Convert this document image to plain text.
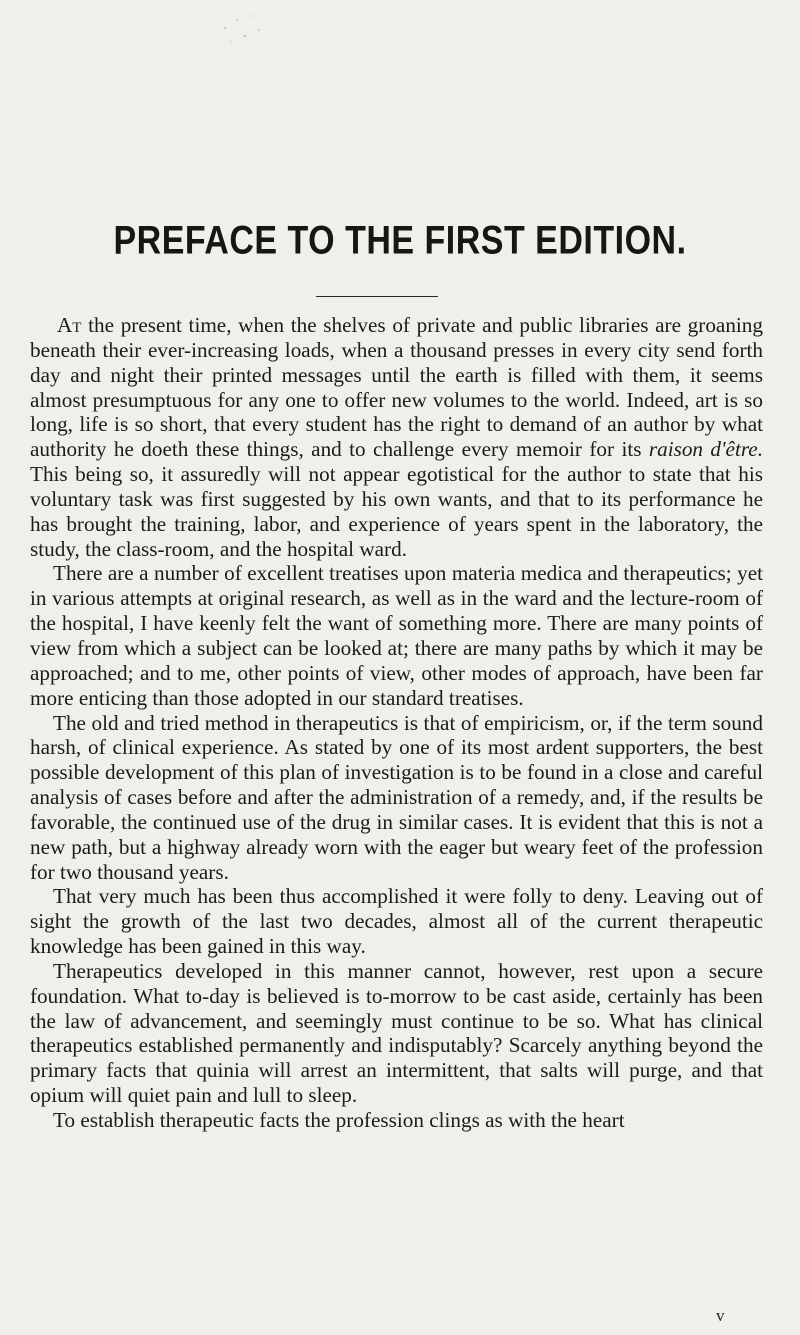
PREFACE TO THE FIRST EDITION.

At the present time, when the shelves of private and public libraries are groaning beneath their ever-increasing loads, when a thousand presses in every city send forth day and night their printed messages until the earth is filled with them, it seems almost presumptuous for any one to offer new volumes to the world. Indeed, art is so long, life is so short, that every student has the right to demand of an author by what authority he doeth these things, and to challenge every memoir for its raison d'être. This being so, it assuredly will not appear egotistical for the author to state that his voluntary task was first suggested by his own wants, and that to its performance he has brought the training, labor, and experience of years spent in the laboratory, the study, the class-room, and the hospital ward.

There are a number of excellent treatises upon materia medica and therapeutics; yet in various attempts at original research, as well as in the ward and the lecture-room of the hospital, I have keenly felt the want of something more. There are many points of view from which a subject can be looked at; there are many paths by which it may be approached; and to me, other points of view, other modes of approach, have been far more enticing than those adopted in our standard treatises.

The old and tried method in therapeutics is that of empiricism, or, if the term sound harsh, of clinical experience. As stated by one of its most ardent supporters, the best possible development of this plan of investigation is to be found in a close and careful analysis of cases before and after the administration of a remedy, and, if the results be favorable, the continued use of the drug in similar cases. It is evident that this is not a new path, but a highway already worn with the eager but weary feet of the profession for two thousand years.

That very much has been thus accomplished it were folly to deny. Leaving out of sight the growth of the last two decades, almost all of the current therapeutic knowledge has been gained in this way.

Therapeutics developed in this manner cannot, however, rest upon a secure foundation. What to-day is believed is to-morrow to be cast aside, certainly has been the law of advancement, and seemingly must continue to be so. What has clinical therapeutics established permanently and indisputably? Scarcely anything beyond the primary facts that quinia will arrest an intermittent, that salts will purge, and that opium will quiet pain and lull to sleep.

To establish therapeutic facts the profession clings as with the heart

v
